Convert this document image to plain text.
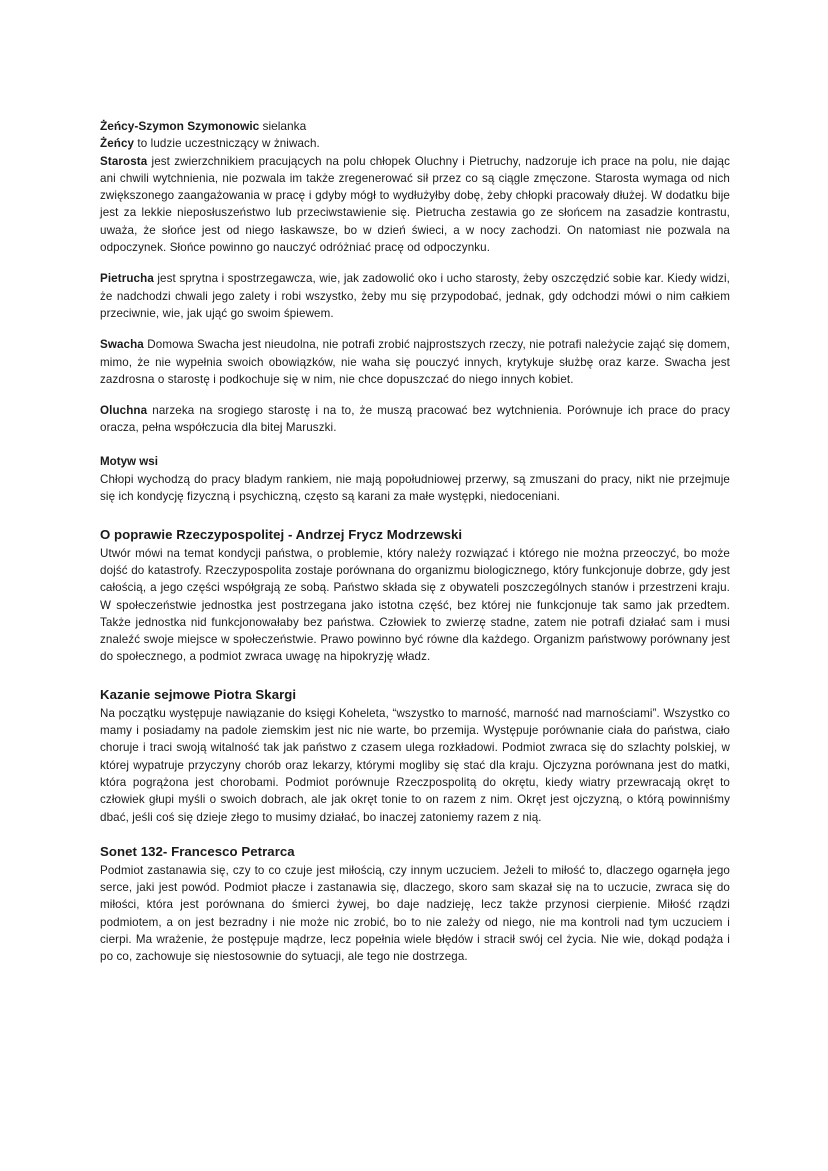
Żeńcy-Szymon Szymonowic sielanka

Żeńcy to ludzie uczestniczący w żniwach.

Starosta jest zwierzchnikiem pracujących na polu chłopek Oluchny i Pietruchy, nadzoruje ich prace na polu, nie dając ani chwili wytchnienia, nie pozwala im także zregenerować sił przez co są ciągle zmęczone. Starosta wymaga od nich zwiększonego zaangażowania w pracę i gdyby mógł to wydłużyłby dobę, żeby chłopki pracowały dłużej. W dodatku bije jest za lekkie nieposłuszeństwo lub przeciwstawienie się. Pietrucha zestawia go ze słońcem na zasadzie kontrastu, uważa, że słońce jest od niego łaskawsze, bo w dzień świeci, a w nocy zachodzi. On natomiast nie pozwala na odpoczynek. Słońce powinno go nauczyć odróżniać pracę od odpoczynku.

Pietrucha jest sprytna i spostrzegawcza, wie, jak zadowolić oko i ucho starosty, żeby oszczędzić sobie kar. Kiedy widzi, że nadchodzi chwali jego zalety i robi wszystko, żeby mu się przypodobać, jednak, gdy odchodzi mówi o nim całkiem przeciwnie, wie, jak ująć go swoim śpiewem.

Swacha Domowa Swacha jest nieudolna, nie potrafi zrobić najprostszych rzeczy, nie potrafi należycie zająć się domem, mimo, że nie wypełnia swoich obowiązków, nie waha się pouczyć innych, krytykuje służbę oraz karze. Swacha jest zazdrosna o starostę i podkochuje się w nim, nie chce dopuszczać do niego innych kobiet.

Oluchna narzeka na srogiego starostę i na to, że muszą pracować bez wytchnienia. Porównuje ich prace do pracy oracza, pełna współczucia dla bitej Maruszki.

Motyw wsi

Chłopi wychodzą do pracy bladym rankiem, nie mają popołudniowej przerwy, są zmuszani do pracy, nikt nie przejmuje się ich kondycję fizyczną i psychiczną, często są karani za małe występki, niedoceniani.

O poprawie Rzeczypospolitej - Andrzej Frycz Modrzewski

Utwór mówi na temat kondycji państwa, o problemie, który należy rozwiązać i którego nie można przeoczyć, bo może dojść do katastrofy. Rzeczypospolita zostaje porównana do organizmu biologicznego, który funkcjonuje dobrze, gdy jest całością, a jego części współgrają ze sobą. Państwo składa się z obywateli poszczególnych stanów i przestrzeni kraju. W społeczeństwie jednostka jest postrzegana jako istotna część, bez której nie funkcjonuje tak samo jak przedtem. Także jednostka nid funkcjonowałaby bez państwa. Człowiek to zwierzę stadne, zatem nie potrafi działać sam i musi znaleźć swoje miejsce w społeczeństwie. Prawo powinno być równe dla każdego. Organizm państwowy porównany jest do społecznego, a podmiot zwraca uwagę na hipokryzję władz.

Kazanie sejmowe Piotra Skargi

Na początku występuje nawiązanie do księgi Koheleta, “wszystko to marność, marność nad marnościami”. Wszystko co mamy i posiadamy na padole ziemskim jest nic nie warte, bo przemija. Występuje porównanie ciała do państwa, ciało choruje i traci swoją witalność tak jak państwo z czasem ulega rozkładowi. Podmiot zwraca się do szlachty polskiej, w której wypatruje przyczyny chorób oraz lekarzy, którymi mogliby się stać dla kraju. Ojczyzna porównana jest do matki, która pogrążona jest chorobami. Podmiot porównuje Rzeczpospolitą do okrętu, kiedy wiatry przewracają okręt to człowiek głupi myśli o swoich dobrach, ale jak okręt tonie to on razem z nim. Okręt jest ojczyzną, o którą powinniśmy dbać, jeśli coś się dzieje złego to musimy działać, bo inaczej zatoniemy razem z nią.

Sonet 132- Francesco Petrarca

Podmiot zastanawia się, czy to co czuje jest miłością, czy innym uczuciem. Jeżeli to miłość to, dlaczego ogarnęła jego serce, jaki jest powód. Podmiot płacze i zastanawia się, dlaczego, skoro sam skazał się na to uczucie, zwraca się do miłości, która jest porównana do śmierci żywej, bo daje nadzieję, lecz także przynosi cierpienie. Miłość rządzi podmiotem, a on jest bezradny i nie może nic zrobić, bo to nie zależy od niego, nie ma kontroli nad tym uczuciem i cierpi. Ma wrażenie, że postępuje mądrze, lecz popełnia wiele błędów i stracił swój cel życia. Nie wie, dokąd podąża i po co, zachowuje się niestosownie do sytuacji, ale tego nie dostrzega.
